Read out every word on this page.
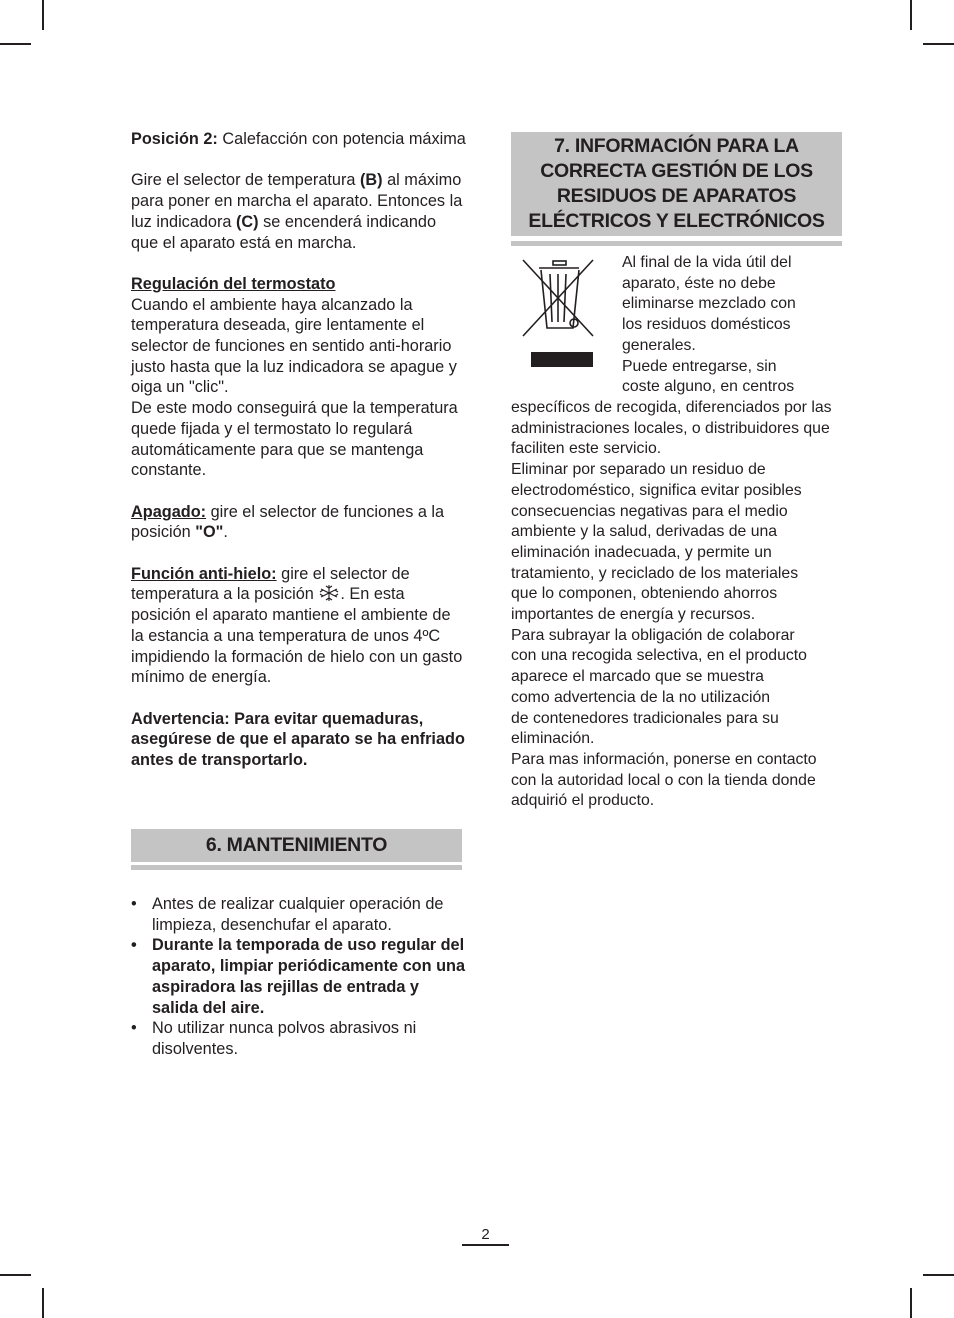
Posición 2: Calefacción con potencia máxima

Gire el selector de temperatura (B) al máximo para poner en marcha el aparato. Entonces la luz indicadora (C) se encenderá indicando que el aparato está en marcha.

Regulación del termostato

Cuando el ambiente haya alcanzado la temperatura deseada, gire lentamente el selector de funciones en sentido anti-horario justo hasta que la luz indicadora se apague y oiga un "clic".

De este modo conseguirá que la temperatura quede fijada y el termostato lo regulará automáticamente para que se mantenga constante.

Apagado: gire el selector de funciones a la posición "O".

Función anti-hielo: gire el selector de temperatura a la posición . En esta posición el aparato mantiene el ambiente de la estancia a una temperatura de unos 4ºC impidiendo la formación de hielo con un gasto mínimo de energía.

Advertencia: Para evitar quemaduras, asegúrese de que el aparato se ha enfriado antes de transportarlo.

6. MANTENIMIENTO
• Antes de realizar cualquier operación de limpieza, desenchufar el aparato.
• Durante la temporada de uso regular del aparato, limpiar periódicamente con una aspiradora las rejillas de entrada y salida del aire.
• No utilizar nunca polvos abrasivos ni disolventes.
7. INFORMACIÓN PARA LA
CORRECTA GESTIÓN DE LOS
RESIDUOS DE APARATOS
ELÉCTRICOS Y ELECTRÓNICOS

Al final de la vida útil del

aparato, éste no debe

eliminarse mezclado con

los residuos domésticos

generales.

Puede entregarse, sin

coste alguno, en centros

específicos de recogida, diferenciados por las

administraciones locales, o distribuidores que

faciliten este servicio.

Eliminar por separado un residuo de

electrodoméstico, significa evitar posibles

consecuencias negativas para el medio

ambiente y la salud, derivadas de una

eliminación inadecuada, y permite un

tratamiento, y reciclado de los materiales

que lo componen, obteniendo ahorros

importantes de energía y recursos.

Para subrayar la obligación de colaborar

con una recogida selectiva, en el producto

aparece el marcado que se muestra

como advertencia de la no utilización

de contenedores tradicionales para su

eliminación.

Para mas información, ponerse en contacto

con la autoridad local o con la tienda donde

adquirió el producto.

2
